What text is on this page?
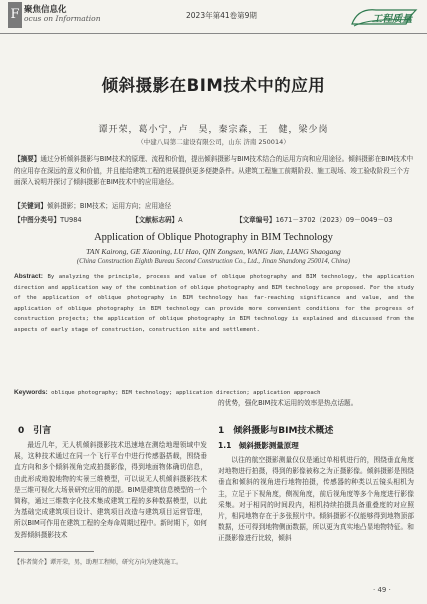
F 聚焦信息化
ocus on Information	2023年第41卷第9期	工程质量
倾斜摄影在BIM技术中的应用
谭开荣，葛小宁，卢　昊，秦宗森，王　健，梁少岗
（中建八局第二建设有限公司，山东 济南 250014）
【摘要】通过分析倾斜摄影与BIM技术的原理、流程和价值，提出倾斜摄影与BIM技术结合的运用方向和应用途径。倾斜摄影在BIM技术中的应用存在深远的意义和价值，并且能给建筑工程的进展提供更多便捷条件。从建筑工程施工前期阶段、施工现场、竣工验收阶段三个方面深入说明并探讨了倾斜摄影在BIM技术中的应用途径。
【关键词】倾斜摄影；BIM技术；运用方向；应用途径
【中图分类号】TU984	【文献标志码】A	【文章编号】1671－3702（2023）09－0049－03
Application of Oblique Photography in BIM Technology
TAN Kairong, GE Xiaoning, LU Hao, QIN Zongsen, WANG Jian, LIANG Shaogang
(China Construction Eighth Bureau Second Construction Co., Ltd., Jinan Shandong 250014, China)
Abstract: By analyzing the principle, process and value of oblique photography and BIM technology, the application direction and application way of the combination of oblique photography and BIM technology are proposed. For the study of the application of oblique photography in BIM technology has far-reaching significance and value, and the application of oblique photography in BIM technology can provide more convenient conditions for the progress of construction projects; the application of oblique photography in BIM technology is explained and discussed from the aspects of early stage of construction, construction site and settlement.
Keywords: oblique photography; BIM technology; application direction; application approach
0　引言
最近几年，无人机倾斜摄影技术迅速地在测绘地理领域中发展，这种技术通过在同一个飞行平台中进行传感器搭载，围绕垂直方向和多个倾斜视角完成拍摄影像，得到地面物体确切信息，由此形成地貌地物的实景三维模型，可以说无人机倾斜摄影技术是三维可视化大场景研究应用的前提。BIM是建筑信息模型的一个简称，通过三维数字化技术集成建筑工程的多种数据模型，以此为基础完成建筑项目设计、建筑项目改造与建筑项目运营管理，所以BIM可作用在建筑工程的全寿命周期过程中。新时期下，如何发挥倾斜摄影技术
【作者简介】谭开荣，男，助理工程师，研究方向为建筑施工。
的优势，强化BIM技术运用的效率是热点话题。
1　倾斜摄影与BIM技术概述
1.1　倾斜摄影测量原理
以往的航空摄影测量仅仅是通过单相机进行的，围绕垂直角度对地物进行拍摄，得到的影像被称之为正摄影像。倾斜摄影是围绕垂直和倾斜的视角进行地物拍摄，传感器的种类以五镜头相机为主，立足于下视角度，侧视角度，前后视角度等多个角度进行影像采集。对于相同的时间段内，相机持续拍摄具备重叠度的对应照片，相同地物存在于多张照片中。倾斜摄影不仅能够得到地物顶部数据，还可得到地物侧面数据，所以更为真实地凸显地物特征。和正摄影像进行比较，倾斜
· 49 ·
